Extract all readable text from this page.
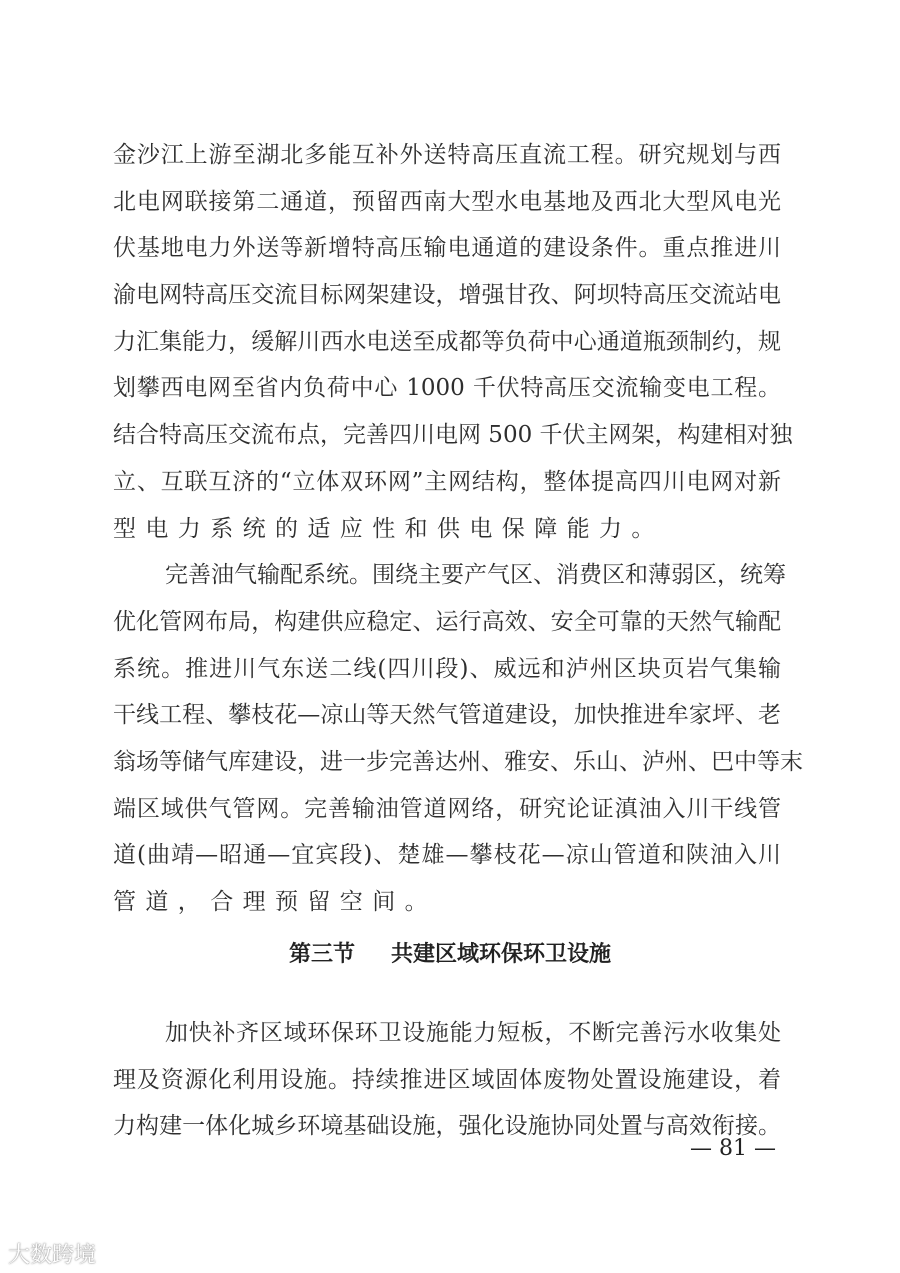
金沙江上游至湖北多能互补外送特高压直流工程。研究规划与西
北电网联接第二通道，预留西南大型水电基地及西北大型风电光
伏基地电力外送等新增特高压输电通道的建设条件。重点推进川
渝电网特高压交流目标网架建设，增强甘孜、阿坝特高压交流站电
力汇集能力，缓解川西水电送至成都等负荷中心通道瓶颈制约，规
划攀西电网至省内负荷中心 1000 千伏特高压交流输变电工程。
结合特高压交流布点，完善四川电网 500 千伏主网架，构建相对独
立、互联互济的“立体双环网”主网结构，整体提高四川电网对新
型电力系统的适应性和供电保障能力。
完善油气输配系统。围绕主要产气区、消费区和薄弱区，统筹
优化管网布局，构建供应稳定、运行高效、安全可靠的天然气输配
系统。推进川气东送二线(四川段)、威远和泸州区块页岩气集输
干线工程、攀枝花—凉山等天然气管道建设，加快推进牟家坪、老
翁场等储气库建设，进一步完善达州、雅安、乐山、泸州、巴中等末
端区域供气管网。完善输油管道网络，研究论证滇油入川干线管
道(曲靖—昭通—宜宾段)、楚雄—攀枝花—凉山管道和陕油入川
管道，合理预留空间。
第三节 共建区域环保环卫设施
加快补齐区域环保环卫设施能力短板，不断完善污水收集处
理及资源化利用设施。持续推进区域固体废物处置设施建设，着
力构建一体化城乡环境基础设施，强化设施协同处置与高效衔接。
— 81 —
大数跨境
